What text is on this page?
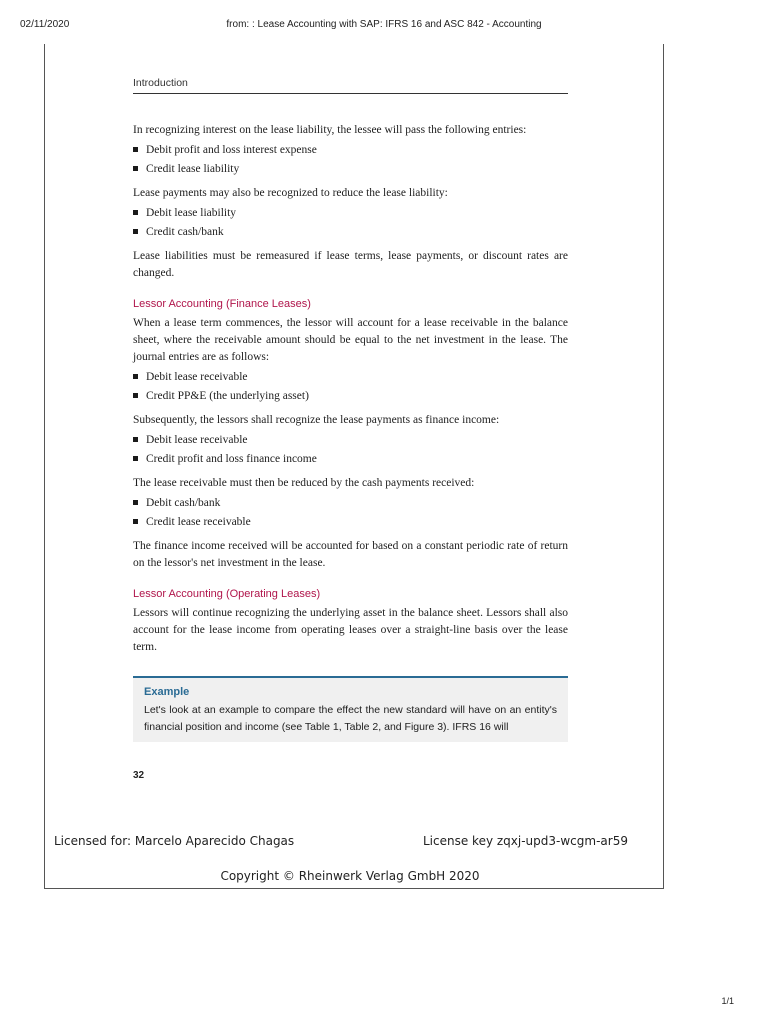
02/11/2020	from: : Lease Accounting with SAP: IFRS 16 and ASC 842 - Accounting
Introduction

In recognizing interest on the lease liability, the lessee will pass the following entries:

Debit profit and loss interest expense
Credit lease liability

Lease payments may also be recognized to reduce the lease liability:

Debit lease liability
Credit cash/bank

Lease liabilities must be remeasured if lease terms, lease payments, or discount rates are changed.

Lessor Accounting (Finance Leases)

When a lease term commences, the lessor will account for a lease receivable in the balance sheet, where the receivable amount should be equal to the net investment in the lease. The journal entries are as follows:

Debit lease receivable
Credit PP&E (the underlying asset)

Subsequently, the lessors shall recognize the lease payments as finance income:

Debit lease receivable
Credit profit and loss finance income

The lease receivable must then be reduced by the cash payments received:

Debit cash/bank
Credit lease receivable

The finance income received will be accounted for based on a constant periodic rate of return on the lessor's net investment in the lease.

Lessor Accounting (Operating Leases)

Lessors will continue recognizing the underlying asset in the balance sheet. Lessors shall also account for the lease income from operating leases over a straight-line basis over the lease term.

Example
Let's look at an example to compare the effect the new standard will have on an entity's financial position and income (see Table 1, Table 2, and Figure 3). IFRS 16 will
32
Licensed for: Marcelo Aparecido Chagas	License key zqxj-upd3-wcgm-ar59
Copyright © Rheinwerk Verlag GmbH 2020
1/1
